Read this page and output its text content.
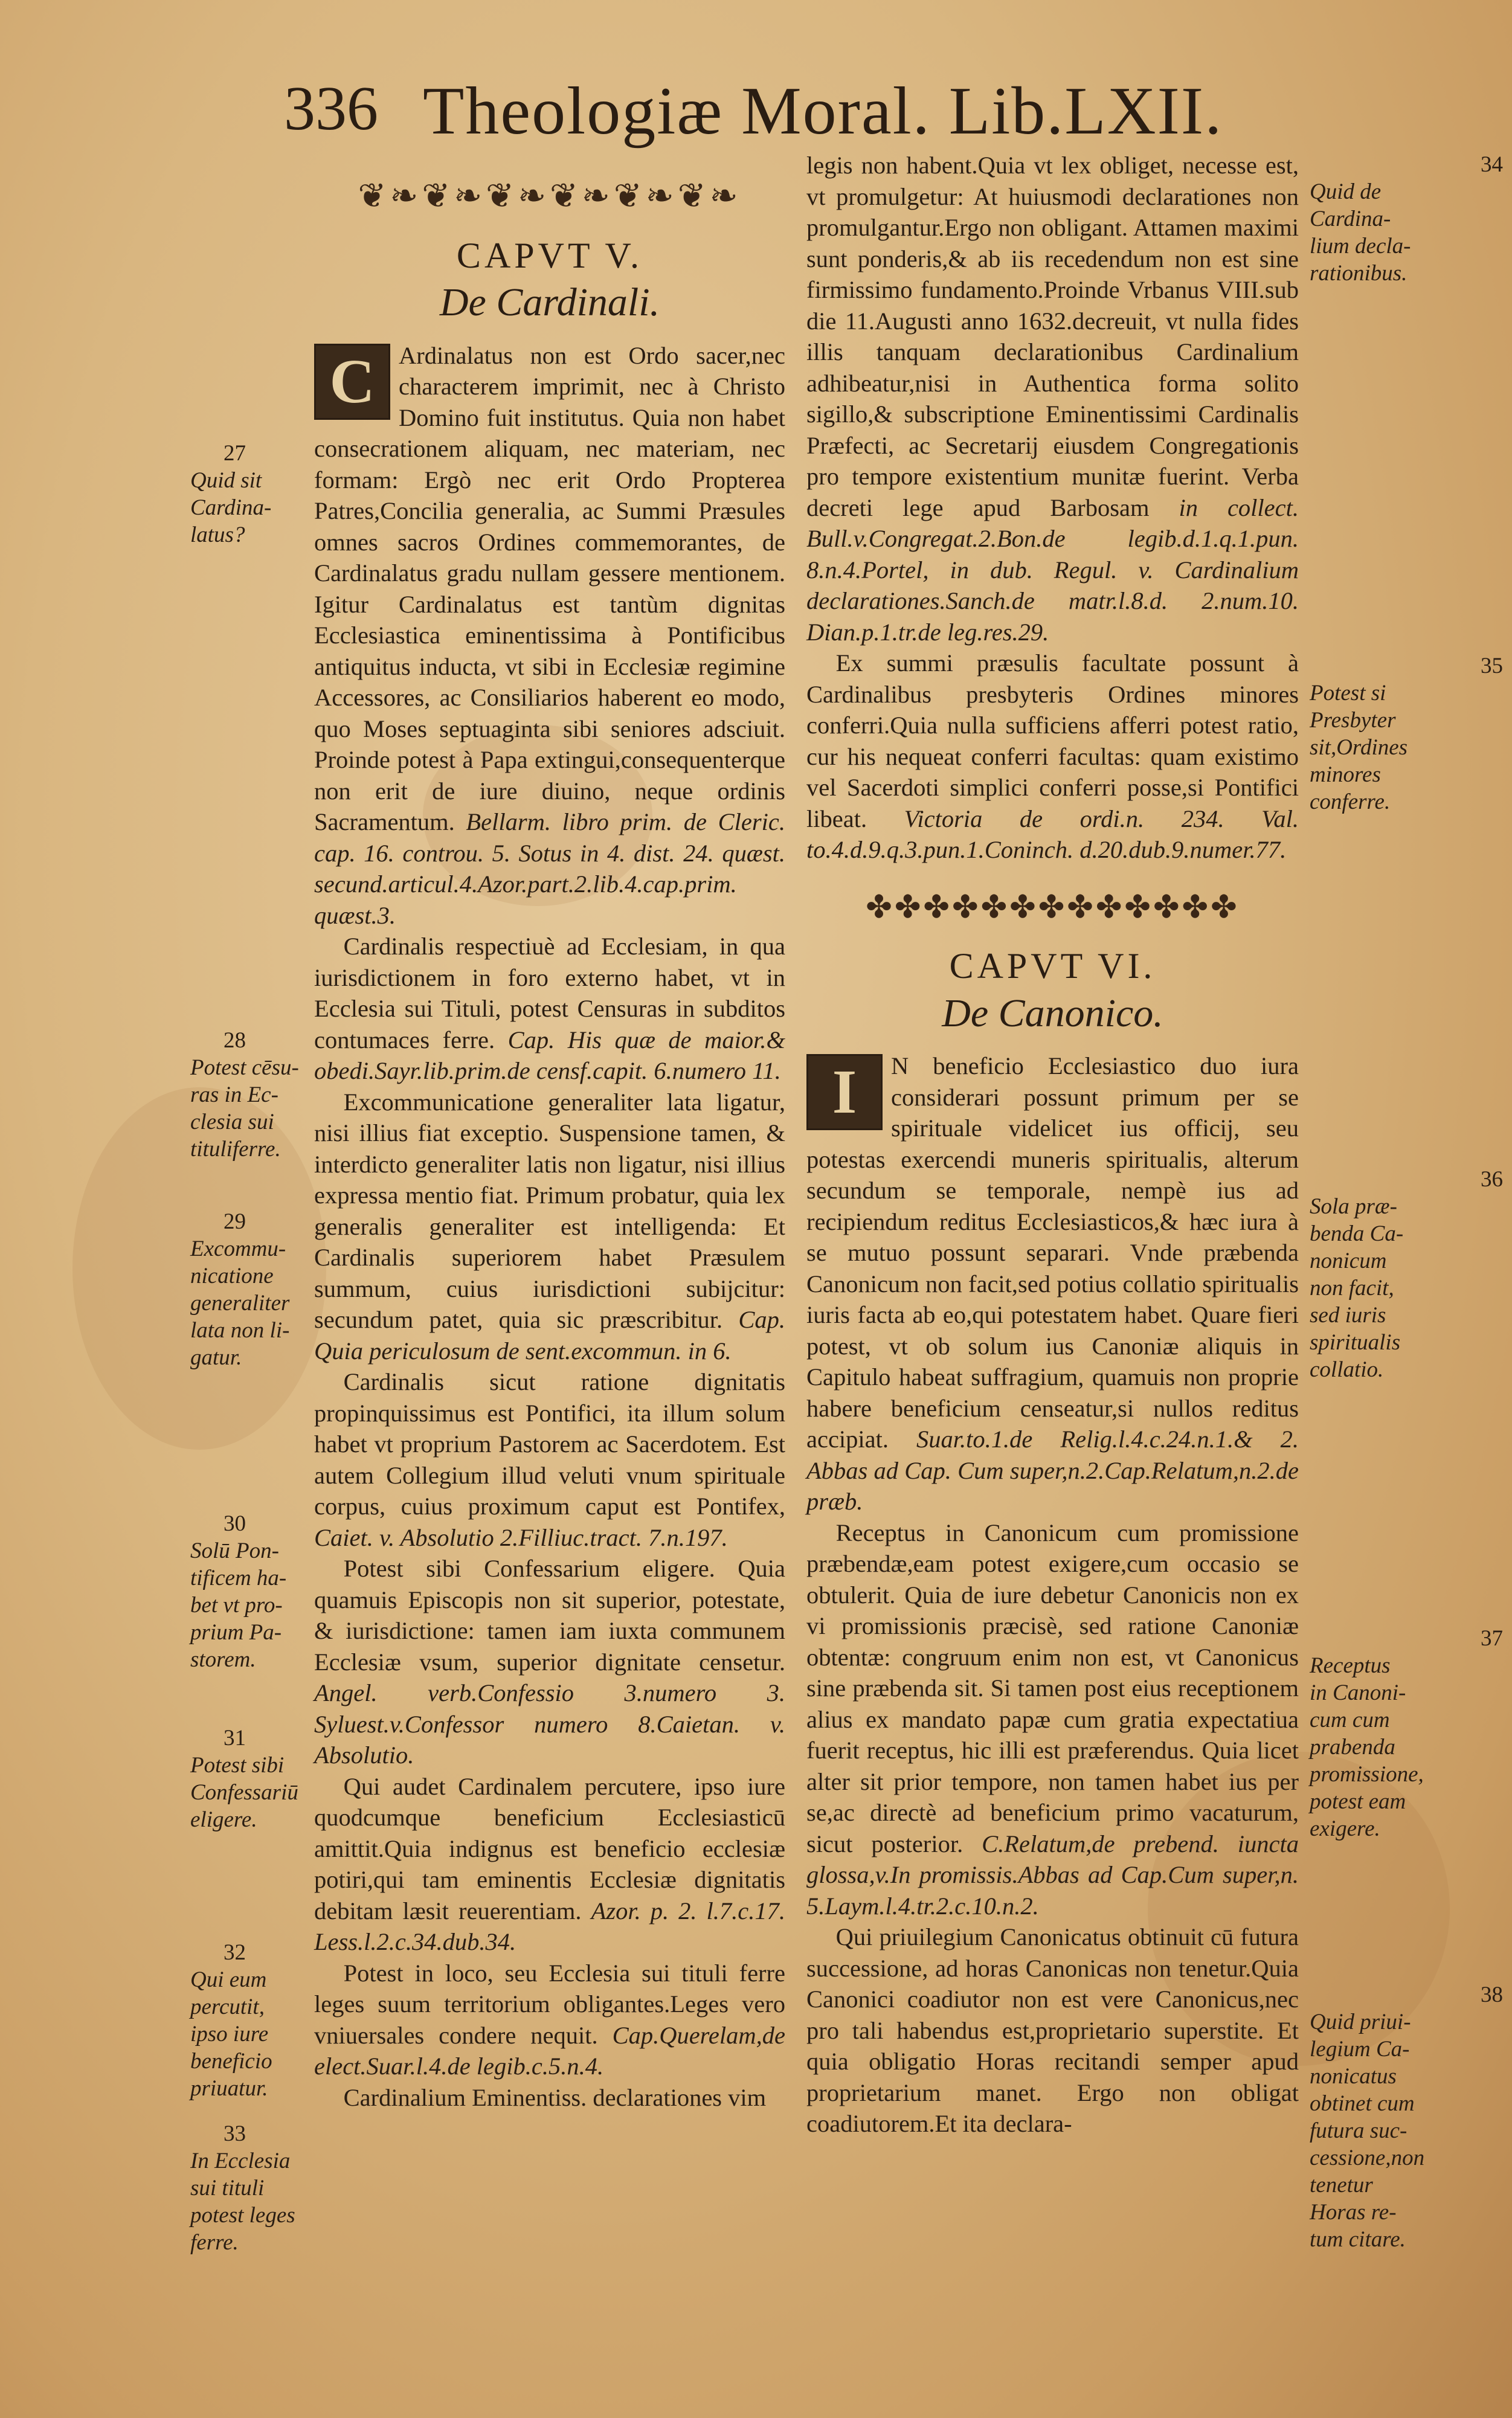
336 Theologiæ Moral. Lib.LXII.
❦❧❦❧❦❧❦❧❦❧❦❧
CAPVT V.
De Cardinali.

C Ardinalatus non est Ordo sacer,nec characterem imprimit, nec à Christo Domino fuit institutus. Quia non habet consecrationem aliquam, nec materiam, nec formam: Ergò nec erit Ordo Propterea Patres,Concilia generalia, ac Summi Præsules omnes sacros Ordines commemorantes, de Cardinalatus gradu nullam gessere mentionem. Igitur Cardinalatus est tantùm dignitas Ecclesiastica eminentissima à Pontificibus antiquitus inducta, vt sibi in Ecclesiæ regimine Accessores, ac Consiliarios haberent eo modo, quo Moses septuaginta sibi seniores adsciuit. Proinde potest à Papa extingui,consequenterque non erit de iure diuino, neque ordinis Sacramentum. Bellarm. libro prim. de Cleric. cap. 16. controu. 5. Sotus in 4. dist. 24. quæst. secund.articul.4.Azor.part.2.lib.4.cap.prim. quæst.3.

Cardinalis respectiuè ad Ecclesiam, in qua iurisdictionem in foro externo habet, vt in Ecclesia sui Tituli, potest Censuras in subditos contumaces ferre. Cap. His quæ de maior.& obedi.Sayr.lib.prim.de censf.capit. 6.numero 11.

Excommunicatione generaliter lata ligatur, nisi illius fiat exceptio. Suspensione tamen, & interdicto generaliter latis non ligatur, nisi illius expressa mentio fiat. Primum probatur, quia lex generalis generaliter est intelligenda: Et Cardinalis superiorem habet Præsulem summum, cuius iurisdictioni subijcitur: secundum patet, quia sic præscribitur. Cap. Quia periculosum de sent.excommun. in 6.

Cardinalis sicut ratione dignitatis propinquissimus est Pontifici, ita illum solum habet vt proprium Pastorem ac Sacerdotem. Est autem Collegium illud veluti vnum spirituale corpus, cuius proximum caput est Pontifex, Caiet. v. Absolutio 2.Filliuc.tract. 7.n.197.

Potest sibi Confessarium eligere. Quia quamuis Episcopis non sit superior, potestate, & iurisdictione: tamen iam iuxta communem Ecclesiæ vsum, superior dignitate censetur. Angel. verb.Confessio 3.numero 3. Syluest.v.Confessor numero 8.Caietan. v. Absolutio.

Qui audet Cardinalem percutere, ipso iure quodcumque beneficium Ecclesiasticū amittit.Quia indignus est beneficio ecclesiæ potiri,qui tam eminentis Ecclesiæ dignitatis debitam læsit reuerentiam. Azor. p. 2. l.7.c.17. Less.l.2.c.34.dub.34.

Potest in loco, seu Ecclesia sui tituli ferre leges suum territorium obligantes.Leges vero vniuersales condere nequit. Cap.Querelam,de elect.Suar.l.4.de legib.c.5.n.4.

Cardinalium Eminentiss. declarationes vim

legis non habent.Quia vt lex obliget, necesse est, vt promulgetur: At huiusmodi declarationes non promulgantur.Ergo non obligant. Attamen maximi sunt ponderis,& ab iis recedendum non est sine firmissimo fundamento.Proinde Vrbanus VIII.sub die 11.Augusti anno 1632.decreuit, vt nulla fides illis tanquam declarationibus Cardinalium adhibeatur,nisi in Authentica forma solito sigillo,& subscriptione Eminentissimi Cardinalis Præfecti, ac Secretarij eiusdem Congregationis pro tempore existentium munitæ fuerint. Verba decreti lege apud Barbosam in collect. Bull.v.Congregat.2.Bon.de legib.d.1.q.1.pun. 8.n.4.Portel, in dub. Regul. v. Cardinalium declarationes.Sanch.de matr.l.8.d. 2.num.10. Dian.p.1.tr.de leg.res.29.

Ex summi præsulis facultate possunt à Cardinalibus presbyteris Ordines minores conferri.Quia nulla sufficiens afferri potest ratio, cur his nequeat conferri facultas: quam existimo vel Sacerdoti simplici conferri posse,si Pontifici libeat. Victoria de ordi.n. 234. Val. to.4.d.9.q.3.pun.1.Coninch. d.20.dub.9.numer.77.

✤✤✤✤✤✤✤✤✤✤✤✤✤
CAPVT VI.
De Canonico.

I	N beneficio Ecclesiastico duo iura considerari possunt primum per se spirituale videlicet ius officij, seu potestas exercendi muneris spiritualis, alterum secundum se temporale, nempè ius ad recipiendum reditus Ecclesiasticos,& hæc iura à se mutuo possunt separari. Vnde præbenda Canonicum non facit,sed potius collatio spiritualis iuris facta ab eo,qui potestatem habet. Quare fieri potest, vt ob solum ius Canoniæ aliquis in Capitulo habeat suffragium, quamuis non proprie habere beneficium censeatur,si nullos reditus accipiat. Suar.to.1.de Relig.l.4.c.24.n.1.& 2. Abbas ad Cap. Cum super,n.2.Cap.Relatum,n.2.de præb.

Receptus in Canonicum cum promissione præbendæ,eam potest exigere,cum occasio se obtulerit. Quia de iure debetur Canonicis non ex vi promissionis præcisè, sed ratione Canoniæ obtentæ: congruum enim non est, vt Canonicus sine præbenda sit. Si tamen post eius receptionem alius ex mandato papæ cum gratia expectatiua fuerit receptus, hic illi est præferendus. Quia licet alter sit prior tempore, non tamen habet ius per se,ac directè ad beneficium primo vacaturum, sicut posterior. C.Relatum,de prebend. iuncta glossa,v.In promissis.Abbas ad Cap.Cum super,n. 5.Laym.l.4.tr.2.c.10.n.2.

Qui priuilegium Canonicatus obtinuit cū futura successione, ad horas Canonicas non tenetur.Quia Canonici coadiutor non est vere Canonicus,nec pro tali habendus est,proprietario superstite. Et quia obligatio Horas recitandi semper apud proprietarium manet. Ergo non obligat coadiutorem.Et ita declara-

27
Quid sit
Cardina-
latus?
28
Potest cēsu-
ras in Ec-
clesia sui
tituliferre.
29
Excommu-
nicatione
generaliter
lata non li-
gatur.
30
Solū Pon-
tificem ha-
bet vt pro-
prium Pa-
storem.
31
Potest sibi
Confessariū
eligere.
32
Qui eum
percutit,
ipso iure
beneficio
priuatur.
33
In Ecclesia
sui tituli
potest leges
ferre.
34
Quid de
Cardina-
lium decla-
rationibus.
35
Potest si
Presbyter
sit,Ordines
minores
conferre.
36
Sola præ-
benda Ca-
nonicum
non facit,
sed iuris
spiritualis
collatio.
37
Receptus
in Canoni-
cum cum
prabenda
promissione,
potest eam
exigere.
38
Quid priui-
legium Ca-
nonicatus
obtinet cum
futura suc-
cessione,non
tenetur
Horas re-
tum citare.
